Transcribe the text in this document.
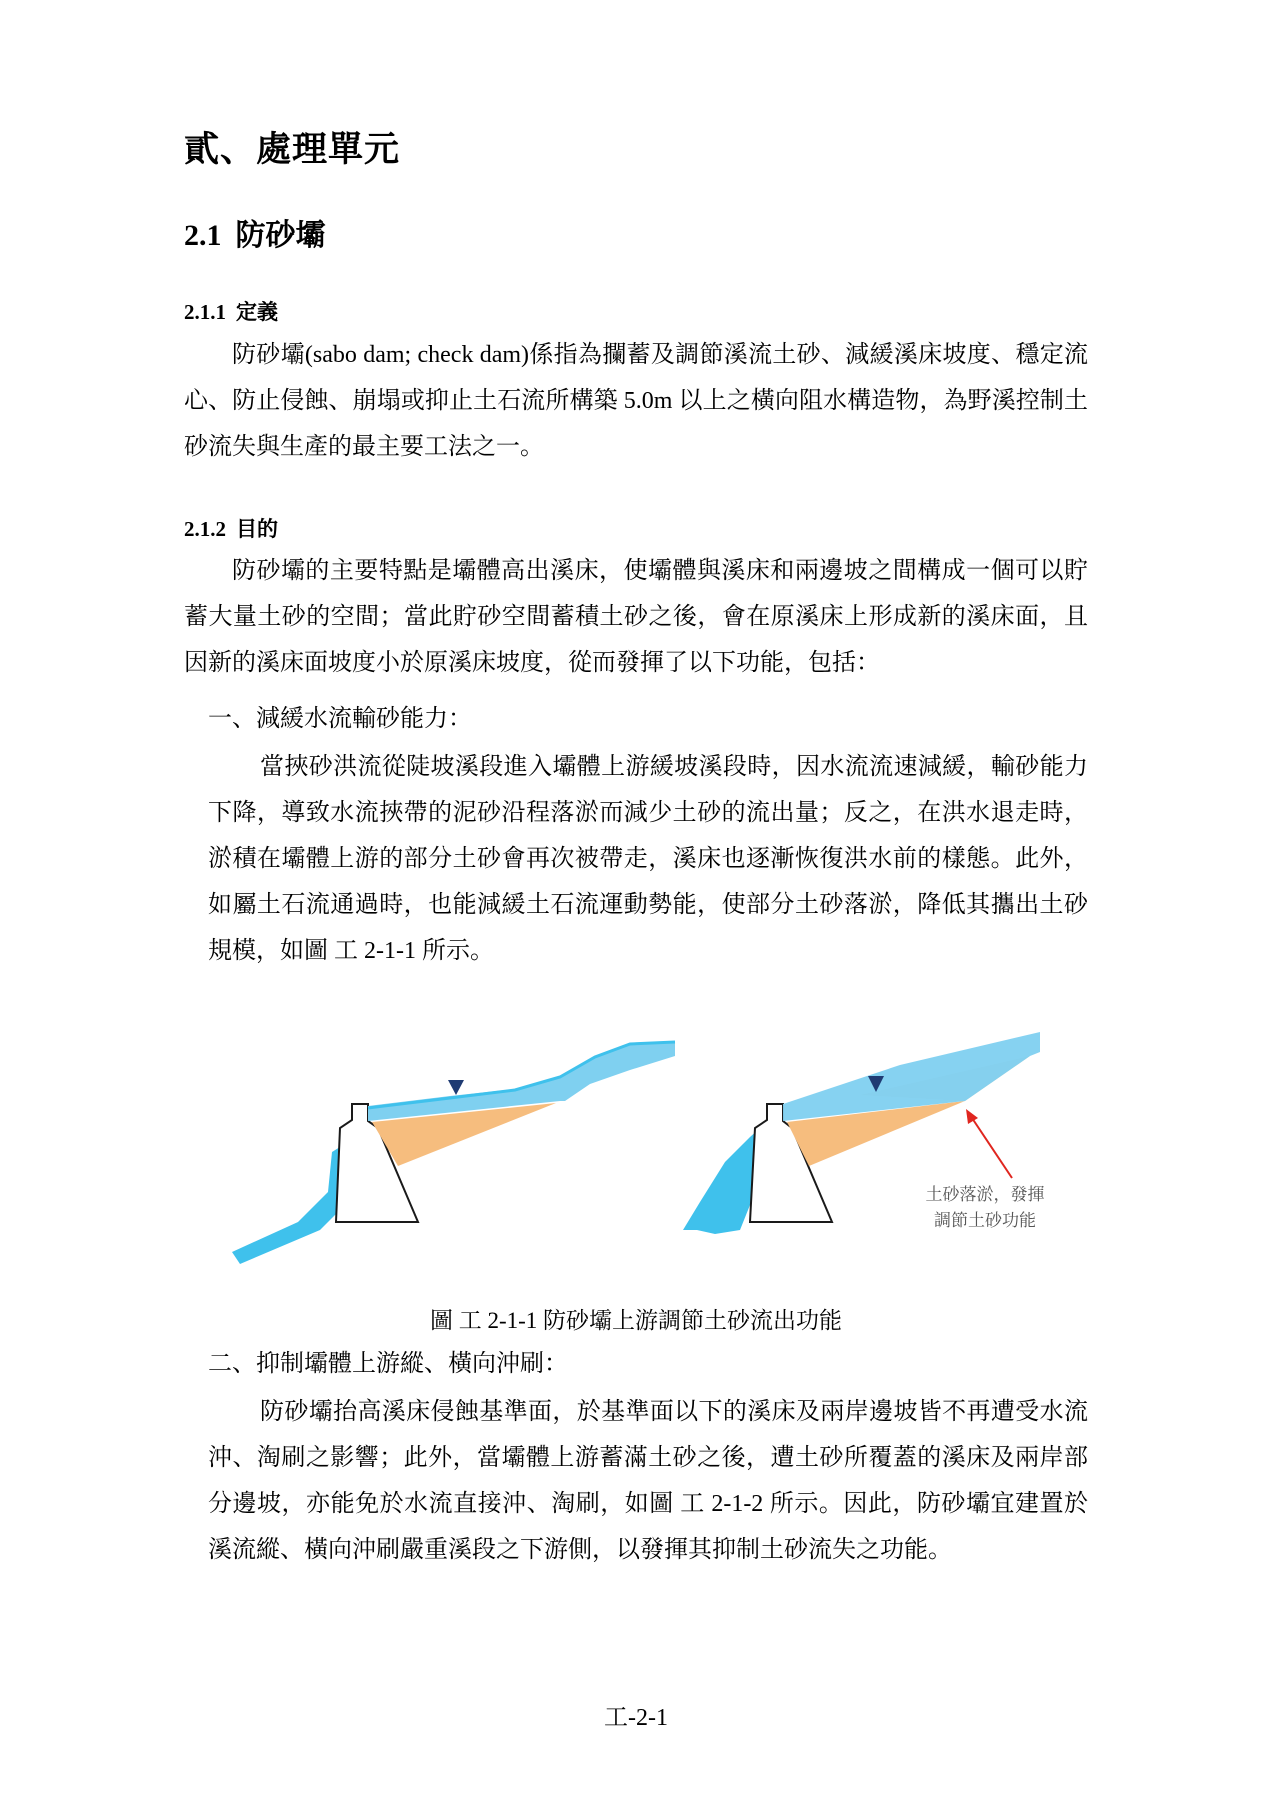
貳、處理單元
2.1 防砂壩
2.1.1 定義

防砂壩(sabo dam; check dam)係指為攔蓄及調節溪流土砂、減緩溪床坡度、穩定流心、防止侵蝕、崩塌或抑止土石流所構築 5.0m 以上之橫向阻水構造物，為野溪控制土砂流失與生產的最主要工法之一。

2.1.2 目的

防砂壩的主要特點是壩體高出溪床，使壩體與溪床和兩邊坡之間構成一個可以貯蓄大量土砂的空間；當此貯砂空間蓄積土砂之後，會在原溪床上形成新的溪床面，且因新的溪床面坡度小於原溪床坡度，從而發揮了以下功能，包括：

一、減緩水流輸砂能力：

當挾砂洪流從陡坡溪段進入壩體上游緩坡溪段時，因水流流速減緩，輸砂能力下降，導致水流挾帶的泥砂沿程落淤而減少土砂的流出量；反之，在洪水退走時，淤積在壩體上游的部分土砂會再次被帶走，溪床也逐漸恢復洪水前的樣態。此外，如屬土石流通過時，也能減緩土石流運動勢能，使部分土砂落淤，降低其攜出土砂規模，如圖 工 2-1-1 所示。

土砂落淤，發揮
調節土砂功能
圖 工 2-1-1 防砂壩上游調節土砂流出功能

二、抑制壩體上游縱、橫向沖刷：

防砂壩抬高溪床侵蝕基準面，於基準面以下的溪床及兩岸邊坡皆不再遭受水流沖、淘刷之影響；此外，當壩體上游蓄滿土砂之後，遭土砂所覆蓋的溪床及兩岸部分邊坡，亦能免於水流直接沖、淘刷，如圖 工 2-1-2 所示。因此，防砂壩宜建置於溪流縱、橫向沖刷嚴重溪段之下游側，以發揮其抑制土砂流失之功能。

工-2-1
